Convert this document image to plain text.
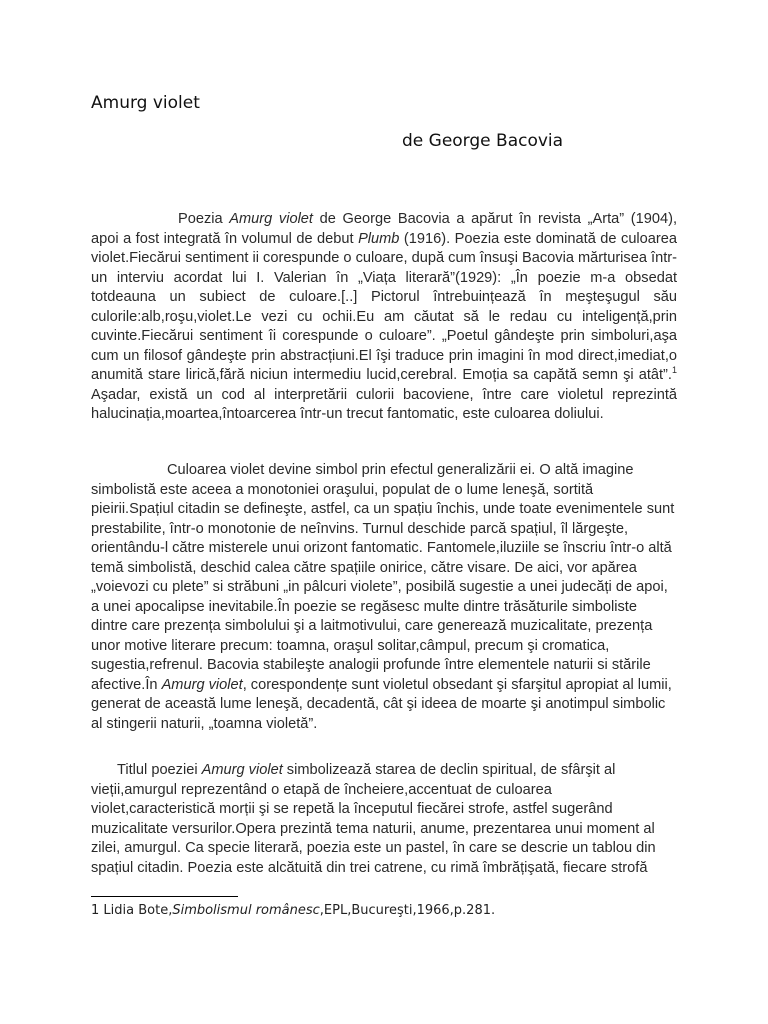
Amurg violet
de George Bacovia

Poezia Amurg violet de George Bacovia a apărut în revista „Arta” (1904), apoi a fost integrată în volumul de debut Plumb (1916). Poezia este dominată de culoarea violet.Fiecărui sentiment ii corespunde o culoare, după cum însuşi Bacovia mărturisea într-un interviu acordat lui I. Valerian în „Viața literară”(1929): „În poezie m-a obsedat totdeauna un subiect de culoare.[..] Pictorul întrebuințează în meşteşugul său culorile:alb,roşu,violet.Le vezi cu ochii.Eu am căutat să le redau cu inteligență,prin cuvinte.Fiecărui sentiment îi corespunde o culoare”. „Poetul gândeşte prin simboluri,aşa cum un filosof gândeşte prin abstracțiuni.El îşi traduce prin imagini în mod direct,imediat,o anumită stare lirică,fără niciun intermediu lucid,cerebral. Emoția sa capătă semn şi atât”.$^1$ Aşadar, există un cod al interpretării culorii bacoviene, între care violetul reprezintă halucinația,moartea,întoarcerea într-un trecut fantomatic, este culoarea doliului.

Culoarea violet devine simbol prin efectul generalizării ei. O altă imagine simbolistă este aceea a monotoniei oraşului, populat de o lume leneşă, sortită pieirii.Spațiul citadin se defineşte, astfel, ca un spațiu închis, unde toate evenimentele sunt prestabilite, într-o monotonie de neînvins. Turnul deschide parcă spațiul, îl lărgeşte, orientându-l către misterele unui orizont fantomatic. Fantomele,iluziile se înscriu într-o altă temă simbolistă, deschid calea către spațiile onirice, către visare. De aici, vor apărea „voievozi cu plete” si străbuni „in pâlcuri violete”, posibilă sugestie a unei judecăți de apoi, a unei apocalipse inevitabile.În poezie se regăsesc multe dintre trăsăturile simboliste dintre care prezența simbolului şi a laitmotivului, care generează muzicalitate, prezența unor motive literare precum: toamna, oraşul solitar,câmpul, precum şi cromatica, sugestia,refrenul. Bacovia stabileşte analogii profunde între elementele naturii si stările afective.În Amurg violet, corespondențe sunt violetul obsedant şi sfarşitul apropiat al lumii, generat de această lume leneşă, decadentă, cât şi ideea de moarte şi anotimpul simbolic al stingerii naturii, „toamna violetă”.

Titlul poeziei Amurg violet simbolizează starea de declin spiritual, de sfârşit al vieții,amurgul reprezentând o etapă de încheiere,accentuat de culoarea violet,caracteristică morții şi se repetă la începutul fiecărei strofe, astfel sugerând muzicalitate versurilor.Opera prezintă tema naturii, anume, prezentarea unui moment al zilei, amurgul. Ca specie literară, poezia este un pastel, în care se descrie un tablou din spațiul citadin. Poezia este alcătuită din trei catrene, cu rimă îmbrățişată, fiecare strofă

1 Lidia Bote,Simbolismul românesc,EPL,Bucureşti,1966,p.281.
